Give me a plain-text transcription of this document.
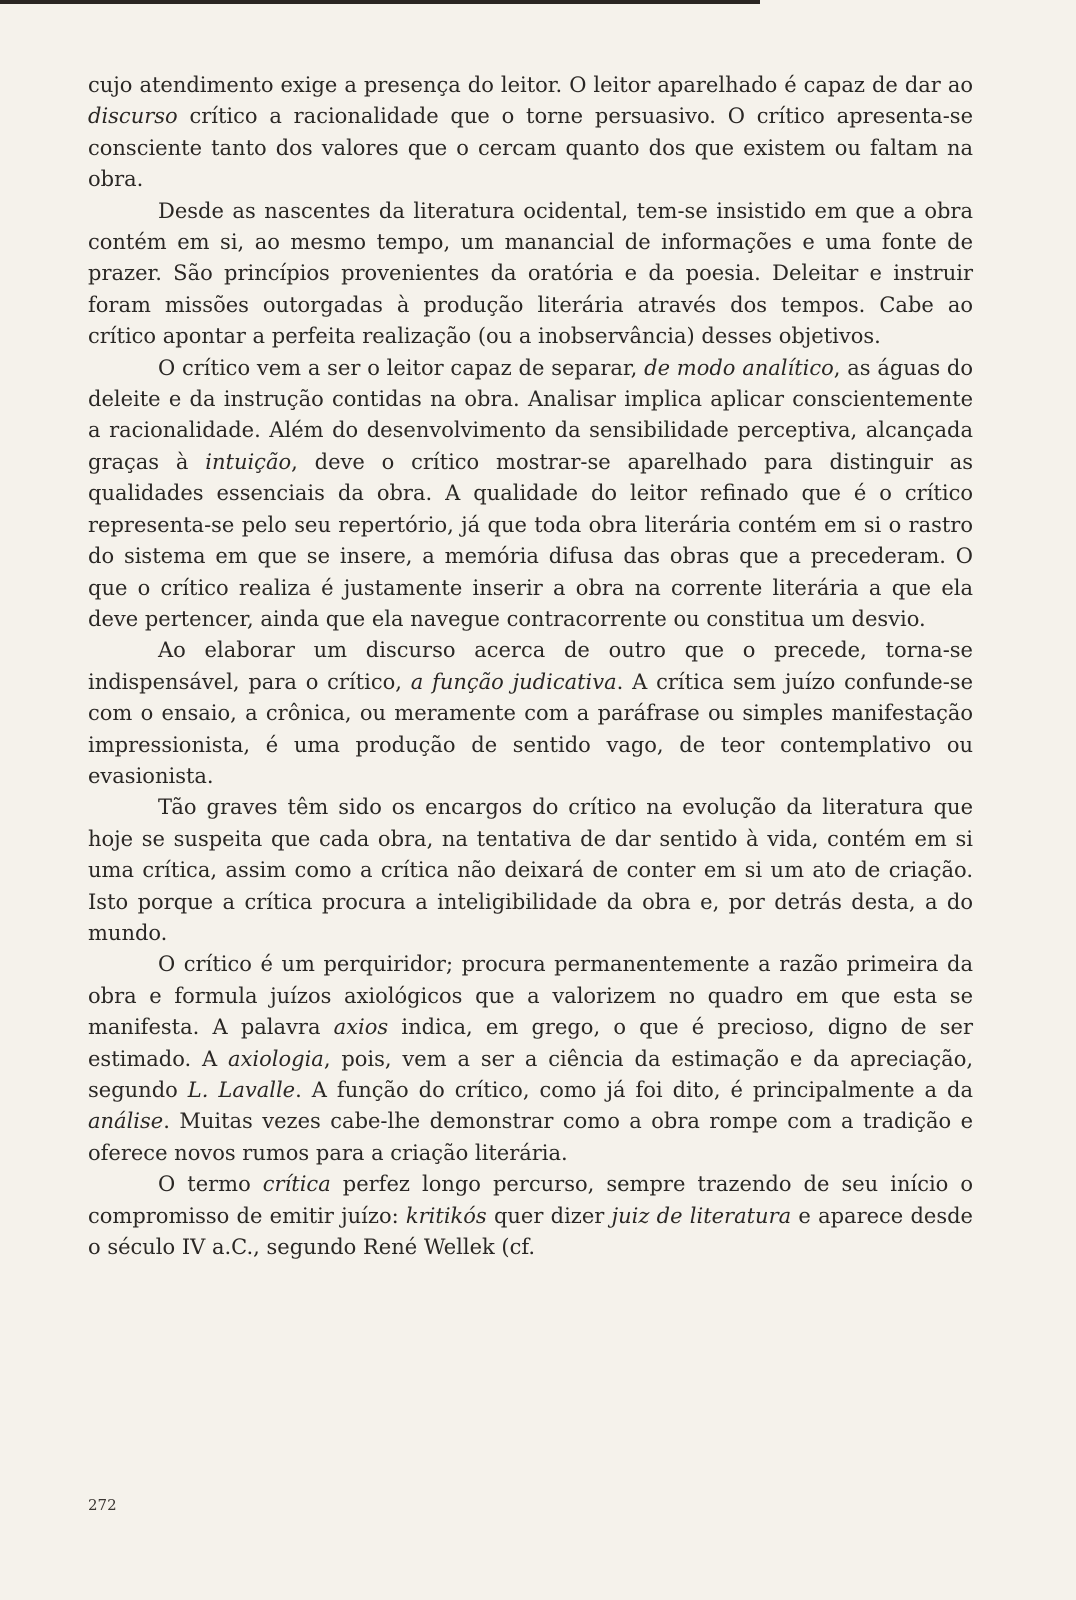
cujo atendimento exige a presença do leitor. O leitor aparelhado é capaz de dar ao discurso crítico a racionalidade que o torne persuasivo. O crítico apresenta-se consciente tanto dos valores que o cercam quanto dos que existem ou faltam na obra.

Desde as nascentes da literatura ocidental, tem-se insistido em que a obra contém em si, ao mesmo tempo, um manancial de informações e uma fonte de prazer. São princípios provenientes da oratória e da poesia. Deleitar e instruir foram missões outorgadas à produção literária através dos tempos. Cabe ao crítico apontar a perfeita realização (ou a inobservância) desses objetivos.

O crítico vem a ser o leitor capaz de separar, de modo analítico, as águas do deleite e da instrução contidas na obra. Analisar implica aplicar conscientemente a racionalidade. Além do desenvolvimento da sensibilidade perceptiva, alcançada graças à intuição, deve o crítico mostrar-se aparelhado para distinguir as qualidades essenciais da obra. A qualidade do leitor refinado que é o crítico representa-se pelo seu repertório, já que toda obra literária contém em si o rastro do sistema em que se insere, a memória difusa das obras que a precederam. O que o crítico realiza é justamente inserir a obra na corrente literária a que ela deve pertencer, ainda que ela navegue contracorrente ou constitua um desvio.

Ao elaborar um discurso acerca de outro que o precede, torna-se indispensável, para o crítico, a função judicativa. A crítica sem juízo confunde-se com o ensaio, a crônica, ou meramente com a paráfrase ou simples manifestação impressionista, é uma produção de sentido vago, de teor contemplativo ou evasionista.

Tão graves têm sido os encargos do crítico na evolução da literatura que hoje se suspeita que cada obra, na tentativa de dar sentido à vida, contém em si uma crítica, assim como a crítica não deixará de conter em si um ato de criação. Isto porque a crítica procura a inteligibilidade da obra e, por detrás desta, a do mundo.

O crítico é um perquiridor; procura permanentemente a razão primeira da obra e formula juízos axiológicos que a valorizem no quadro em que esta se manifesta. A palavra axios indica, em grego, o que é precioso, digno de ser estimado. A axiologia, pois, vem a ser a ciência da estimação e da apreciação, segundo L. Lavalle. A função do crítico, como já foi dito, é principalmente a da análise. Muitas vezes cabe-lhe demonstrar como a obra rompe com a tradição e oferece novos rumos para a criação literária.

O termo crítica perfez longo percurso, sempre trazendo de seu início o compromisso de emitir juízo: kritikós quer dizer juiz de literatura e aparece desde o século IV a.C., segundo René Wellek (cf.

272
